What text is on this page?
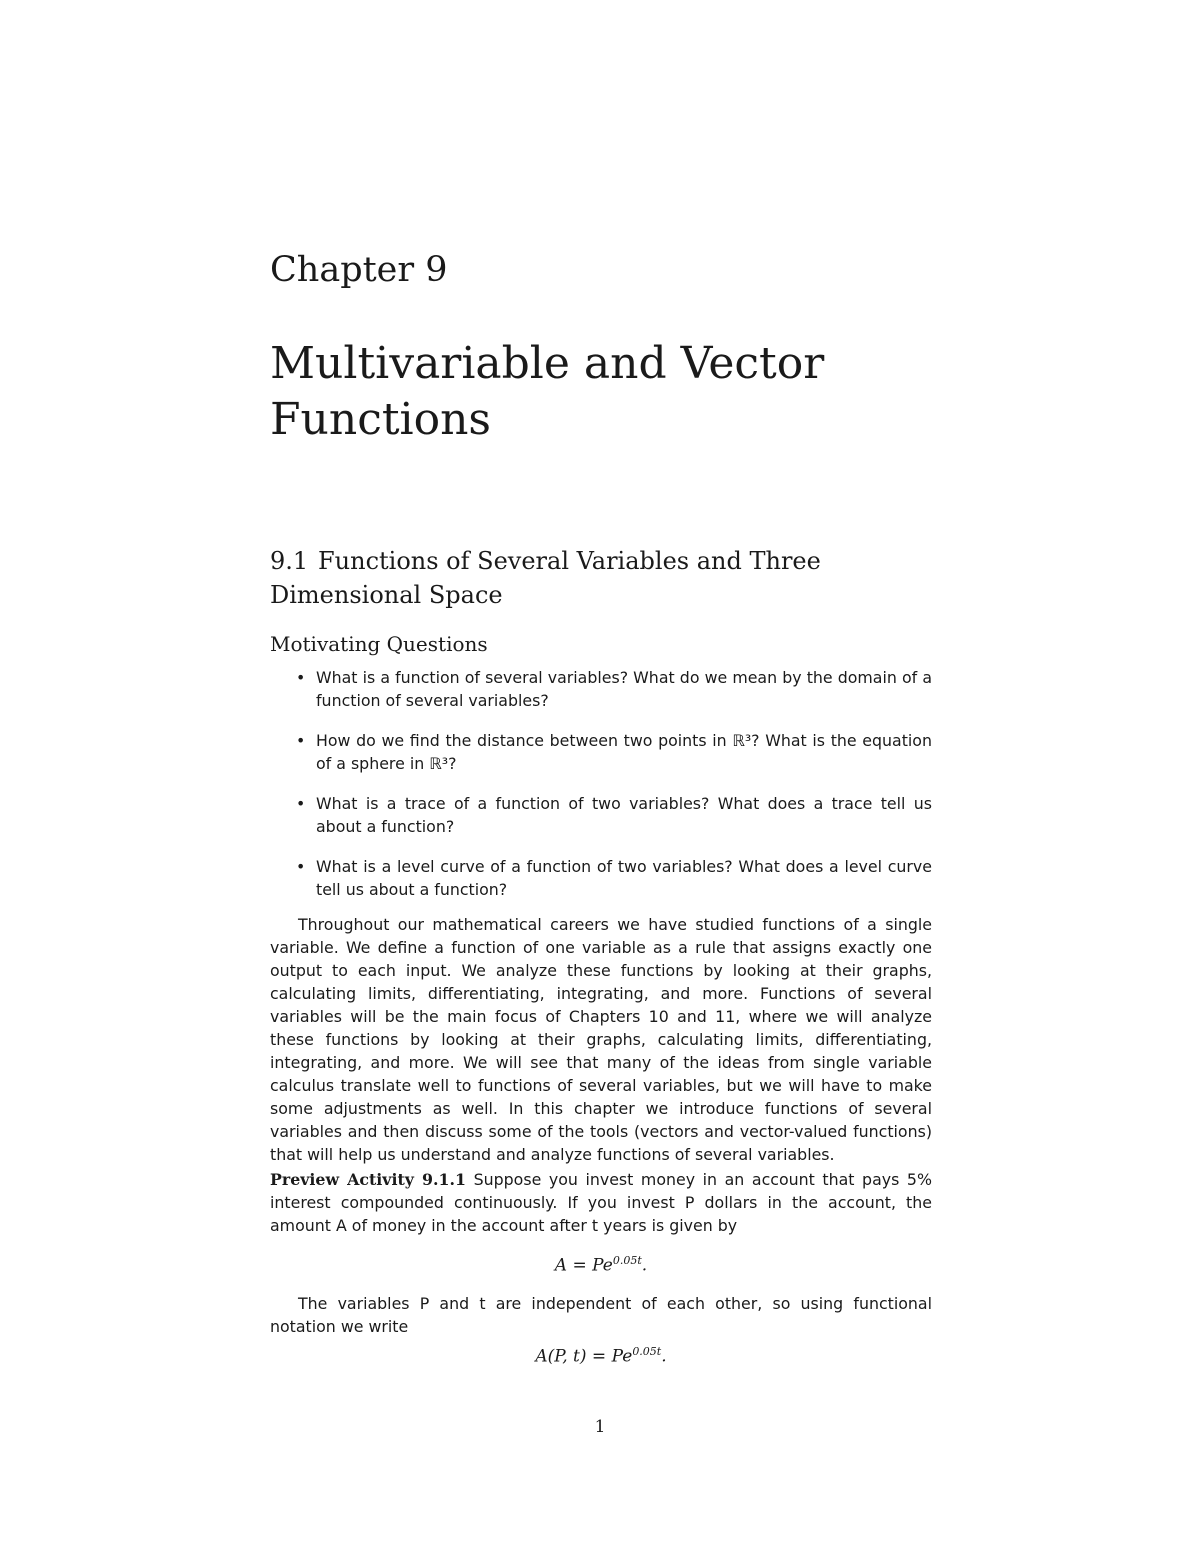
Chapter 9
Multivariable and Vector Functions
9.1 Functions of Several Variables and Three Dimensional Space
Motivating Questions
• What is a function of several variables? What do we mean by the domain of a function of several variables?
• How do we find the distance between two points in ℝ³? What is the equation of a sphere in ℝ³?
• What is a trace of a function of two variables? What does a trace tell us about a function?
• What is a level curve of a function of two variables? What does a level curve tell us about a function?

Throughout our mathematical careers we have studied functions of a single variable. We define a function of one variable as a rule that assigns exactly one output to each input. We analyze these functions by looking at their graphs, calculating limits, differentiating, integrating, and more. Functions of several variables will be the main focus of Chapters 10 and 11, where we will analyze these functions by looking at their graphs, calculating limits, differentiating, integrating, and more. We will see that many of the ideas from single variable calculus translate well to functions of several variables, but we will have to make some adjustments as well. In this chapter we introduce functions of several variables and then discuss some of the tools (vectors and vector-valued functions) that will help us understand and analyze functions of several variables.

Preview Activity 9.1.1 Suppose you invest money in an account that pays 5% interest compounded continuously. If you invest P dollars in the account, the amount A of money in the account after t years is given by

$A = Pe^{0.05t}$.

The variables P and t are independent of each other, so using functional notation we write

A(P, $t) = Pe^{0.05t}$.
1
